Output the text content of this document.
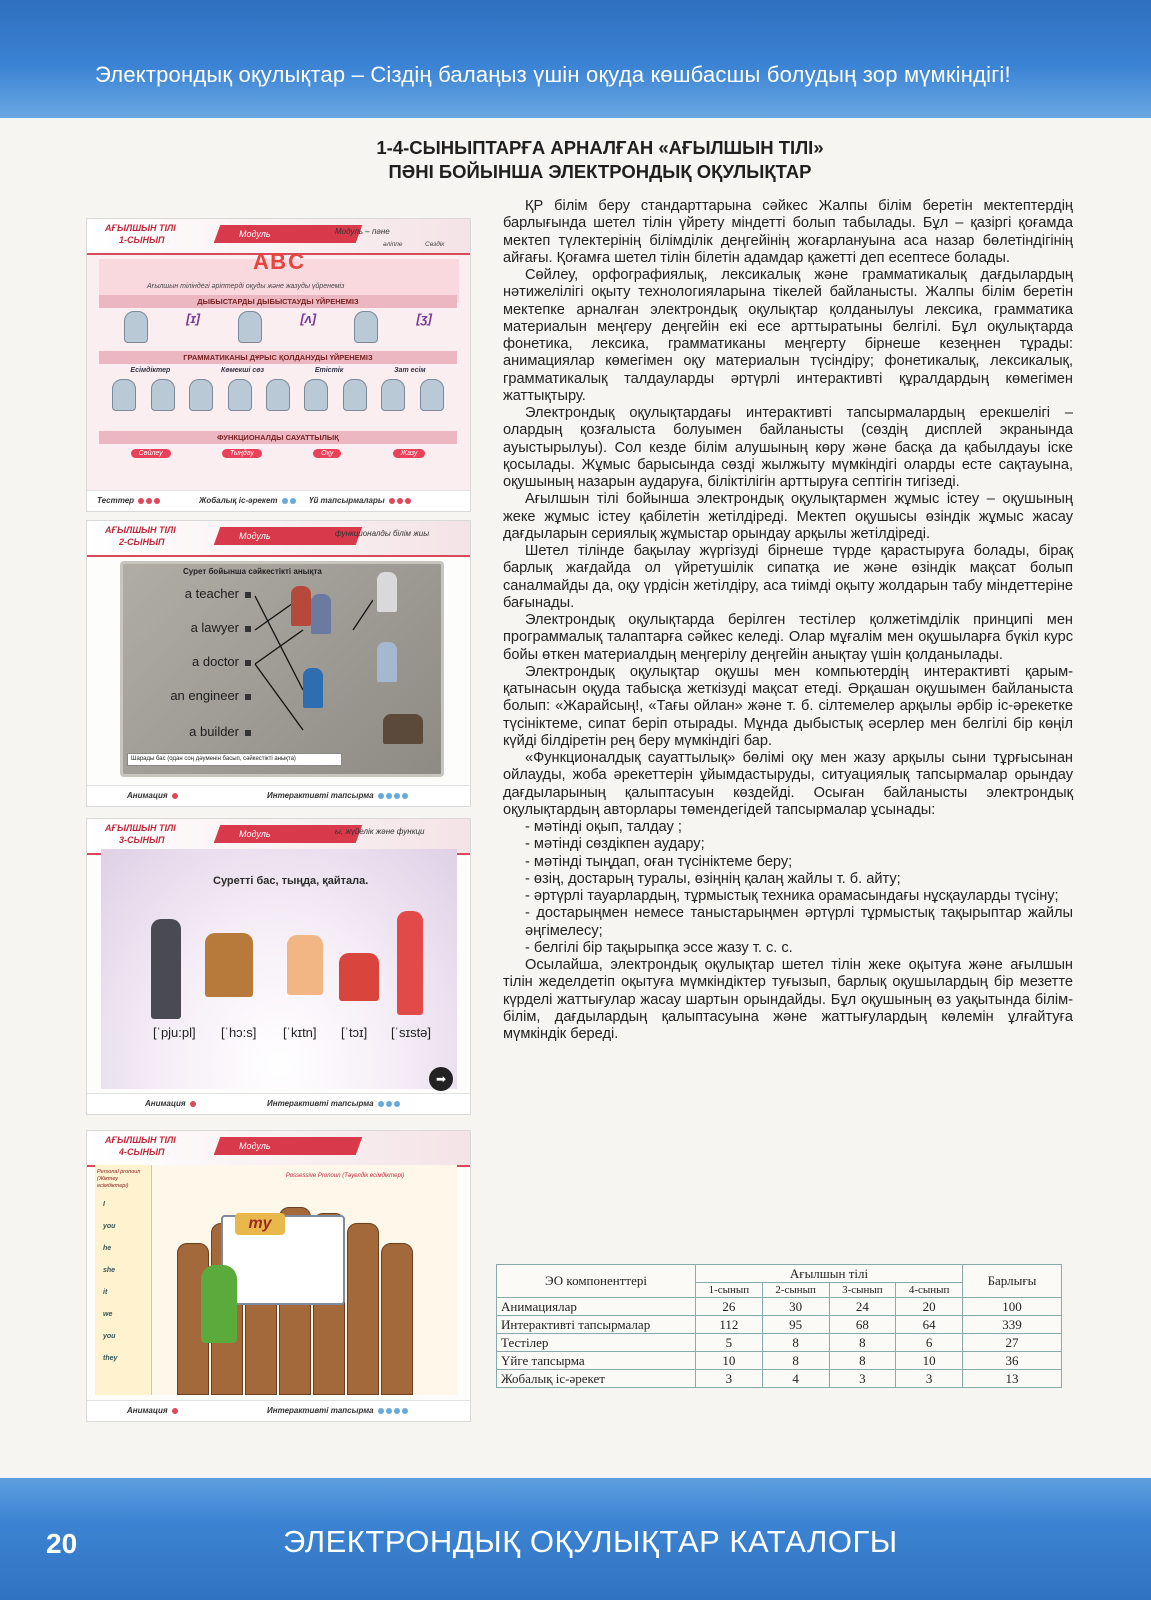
Электрондық оқулықтар – Сіздің балаңыз үшін оқуда көшбасшы болудың зор мүмкіндігі!
1-4-СЫНЫПТАРҒА АРНАЛҒАН «АҒЫЛШЫН ТІЛІ»
ПӘНІ БОЙЫНША ЭЛЕКТРОНДЫҚ ОҚУЛЫҚТАР
АҒЫЛШЫН ТІЛІ
1-СЫНЫП
Модуль	Модуль – пәне
A B C
әліппе	Сөздік
Ағылшын тіліндегі әріптерді оқуды және жазуды үйренеміз
ДЫБЫСТАРДЫ ДЫБЫСТАУДЫ ҮЙРЕНЕМІЗ
[ɪ]	[ʌ]	[ʒ]
ГРАММАТИКАНЫ ДҰРЫС ҚОЛДАНУДЫ ҮЙРЕНЕМІЗ
Есімдіктер	Көмекші сөз	Етістік	Зат есім
ФУНКЦИОНАЛДЫ САУАТТЫЛЫҚ
Сөйлеу	Тыңдау	Оқу	Жазу
Тесттер	Жобалық іс-әрекет	Үй тапсырмалары
АҒЫЛШЫН ТІЛІ
2-СЫНЫП
Модуль	функционалды білім жиы
Сурет бойынша сәйкестікті анықта
a teacher
a lawyer
a doctor
an engineer
a builder
Шарады бас (одан соң дәуменін басып, сәйкестікті анықта)
Анимация	Интерактивті тапсырма
АҒЫЛШЫН ТІЛІ
3-СЫНЫП
Модуль	ы, жүйелік және функци
Суретті бас, тыңда, қайтала.
[ˈpju:pl] [ˈhɔ:s] [ˈkɪtn] [ˈtɔɪ] [ˈsɪstə]
➡
Анимация	Интерактивті тапсырма
АҒЫЛШЫН ТІЛІ
4-СЫНЫП
Модуль
Personal pronoun (Жіктеу есімдіктері)
I
you
he
she
it
we
you
they
Possessive Pronoun (Тәуелдік есімдіктері)
my
Анимация	Интерактивті тапсырма

ҚР білім беру стандарттарына сәйкес Жалпы білім беретін мектептердің барлығында шетел тілін үйрету міндетті болып табылады. Бұл – қазіргі қоғамда мектеп түлектерінің білімділік деңгейінің жоғарлануына аса назар бөлетіндігінің айғағы. Қоғамға шетел тілін білетін адамдар қажетті деп есептесе болады.

Сөйлеу, орфографиялық, лексикалық және грамматикалық дағдылардың нәтижелілігі оқыту технологияларына тікелей байланысты. Жалпы білім беретін мектепке арналған электрондық оқулықтар қолданылуы лексика, грамматика материалын меңгеру деңгейін екі есе арттыратыны белгілі. Бұл оқулықтарда фонетика, лексика, грамматиканы меңгерту бірнеше кезеңнен тұрады: анимациялар көмегімен оқу материалын түсіндіру; фонетикалық, лексикалық, грамматикалық талдауларды әртүрлі интерактивті құралдардың көмегімен жаттықтыру.

Электрондық оқулықтардағы интерактивті тапсырмалардың ерекшелігі – олардың қозғалыста болуымен байланысты (сөздің дисплей экранында ауыстырылуы). Сол кезде білім алушының көру және басқа да қабылдауы іске қосылады. Жұмыс барысында сөзді жылжыту мүмкіндігі оларды есте сақтауына, оқушының назарын аударуға, біліктілігін арттыруға септігін тигізеді.

Ағылшын тілі бойынша электрондық оқулықтармен жұмыс істеу – оқушының жеке жұмыс істеу қабілетін жетілдіреді. Мектеп оқушысы өзіндік жұмыс жасау дағдыларын сериялық жұмыстар орындау арқылы жетілдіреді.

Шетел тілінде бақылау жүргізуді бірнеше түрде қарастыруға болады, бірақ барлық жағдайда ол үйретушілік сипатқа ие және өзіндік мақсат болып саналмайды да, оқу үрдісін жетілдіру, аса тиімді оқыту жолдарын табу міндеттеріне бағынады.

Электрондық оқулықтарда берілген тестілер қолжетімділік принципі мен программалық талаптарға сәйкес келеді. Олар мұғалім мен оқушыларға бүкіл курс бойы өткен материалдың меңгерілу деңгейін анықтау үшін қолданылады.

Электрондық оқулықтар оқушы мен компьютердің интерактивті қарым-қатынасын оқуда табысқа жеткізуді мақсат етеді. Әрқашан оқушымен байланыста болып: «Жарайсың!, «Тағы ойлан» және т. б. сілтемелер арқылы әрбір іс-әрекетке түсініктеме, сипат беріп отырады. Мұнда дыбыстық әсерлер мен белгілі бір көңіл күйді білдіретін рең беру мүмкіндігі бар.

«Функционалдық сауаттылық» бөлімі оқу мен жазу арқылы сыни тұрғысынан ойлауды, жоба әрекеттерін ұйымдастыруды, ситуациялық тапсырмалар орындау дағдыларының қалыптасуын көздейді. Осыған байланысты электрондық оқулықтардың авторлары төмендегідей тапсырмалар ұсынады:

- мәтінді оқып, талдау ;

- мәтінді сөздікпен аудару;

- мәтінді тыңдап, оған түсініктеме беру;

- өзің, достарың туралы, өзіңнің қалаң жайлы т. б. айту;

- әртүрлі тауарлардың, тұрмыстық техника орамасындағы нұсқауларды түсіну;

- достарыңмен немесе таныстарыңмен әртүрлі тұрмыстық тақырыптар жайлы әңгімелесу;

- белгілі бір тақырыпқа эссе жазу т. с. с.

Осылайша, электрондық оқулықтар шетел тілін жеке оқытуға және ағылшын тілін жеделдетіп оқытуға мүмкіндіктер туғызып, барлық оқушылардың бір мезетте күрделі жаттығулар жасау шартын орындайды. Бұл оқушының өз уақытында білім-білім, дағдылардың қалыптасуына және жаттығулардың көлемін ұлғайтуға мүмкіндік береді.

ЭО компоненттері	Ағылшын тілі				Барлығы
	1-сынып	2-сынып	3-сынып	4-сынып	
Анимациялар	26	30	24	20	100
Интерактивті тапсырмалар	112	95	68	64	339
Тестілер	5	8	8	6	27
Үйге тапсырма	10	8	8	10	36
Жобалық іс-әрекет	3	4	3	3	13
20	ЭЛЕКТРОНДЫҚ ОҚУЛЫҚТАР КАТАЛОГЫ
